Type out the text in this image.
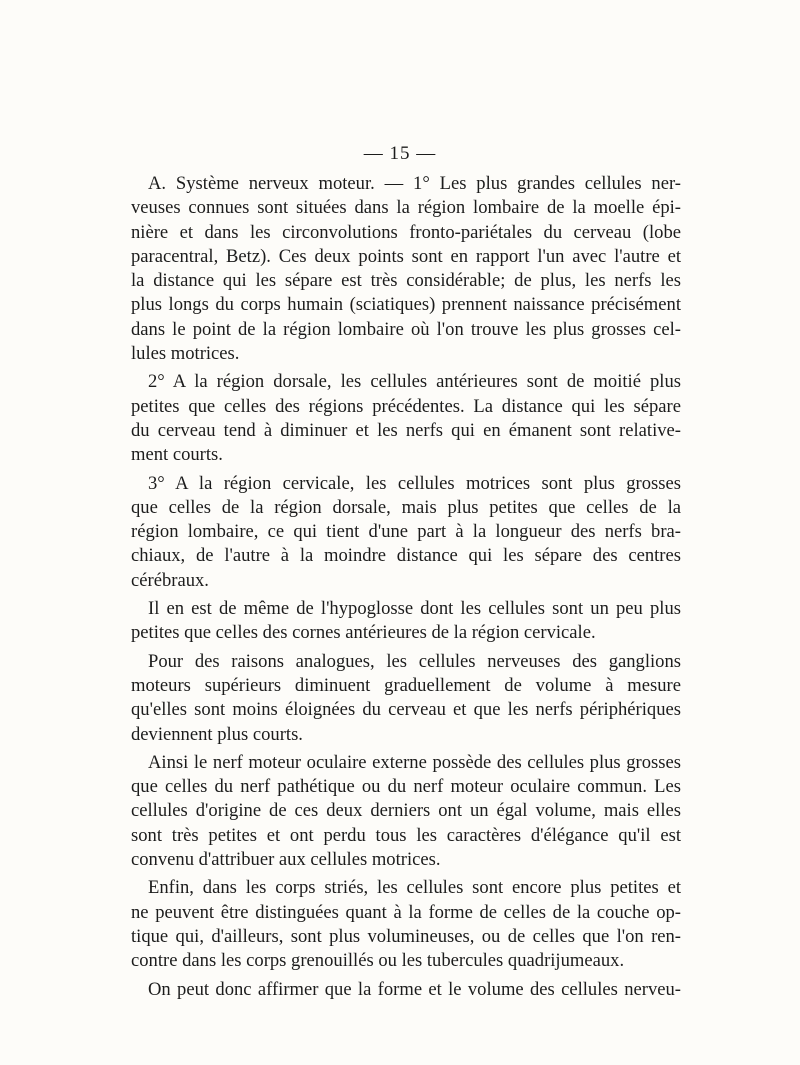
— 15 —
A. Système nerveux moteur. — 1° Les plus grandes cellules ner-
veuses connues sont situées dans la région lombaire de la moelle épi-
nière et dans les circonvolutions fronto-pariétales du cerveau (lobe
paracentral, Betz). Ces deux points sont en rapport l'un avec l'autre et
la distance qui les sépare est très considérable; de plus, les nerfs les
plus longs du corps humain (sciatiques) prennent naissance précisément
dans le point de la région lombaire où l'on trouve les plus grosses cel-
lules motrices.
2° A la région dorsale, les cellules antérieures sont de moitié plus
petites que celles des régions précédentes. La distance qui les sépare
du cerveau tend à diminuer et les nerfs qui en émanent sont relative-
ment courts.
3° A la région cervicale, les cellules motrices sont plus grosses
que celles de la région dorsale, mais plus petites que celles de la
région lombaire, ce qui tient d'une part à la longueur des nerfs bra-
chiaux, de l'autre à la moindre distance qui les sépare des centres
cérébraux.
Il en est de même de l'hypoglosse dont les cellules sont un peu plus
petites que celles des cornes antérieures de la région cervicale.
Pour des raisons analogues, les cellules nerveuses des ganglions
moteurs supérieurs diminuent graduellement de volume à mesure
qu'elles sont moins éloignées du cerveau et que les nerfs périphériques
deviennent plus courts.
Ainsi le nerf moteur oculaire externe possède des cellules plus grosses
que celles du nerf pathétique ou du nerf moteur oculaire commun. Les
cellules d'origine de ces deux derniers ont un égal volume, mais elles
sont très petites et ont perdu tous les caractères d'élégance qu'il est
convenu d'attribuer aux cellules motrices.
Enfin, dans les corps striés, les cellules sont encore plus petites et
ne peuvent être distinguées quant à la forme de celles de la couche op-
tique qui, d'ailleurs, sont plus volumineuses, ou de celles que l'on ren-
contre dans les corps grenouillés ou les tubercules quadrijumeaux.
On peut donc affirmer que la forme et le volume des cellules nerveu-
